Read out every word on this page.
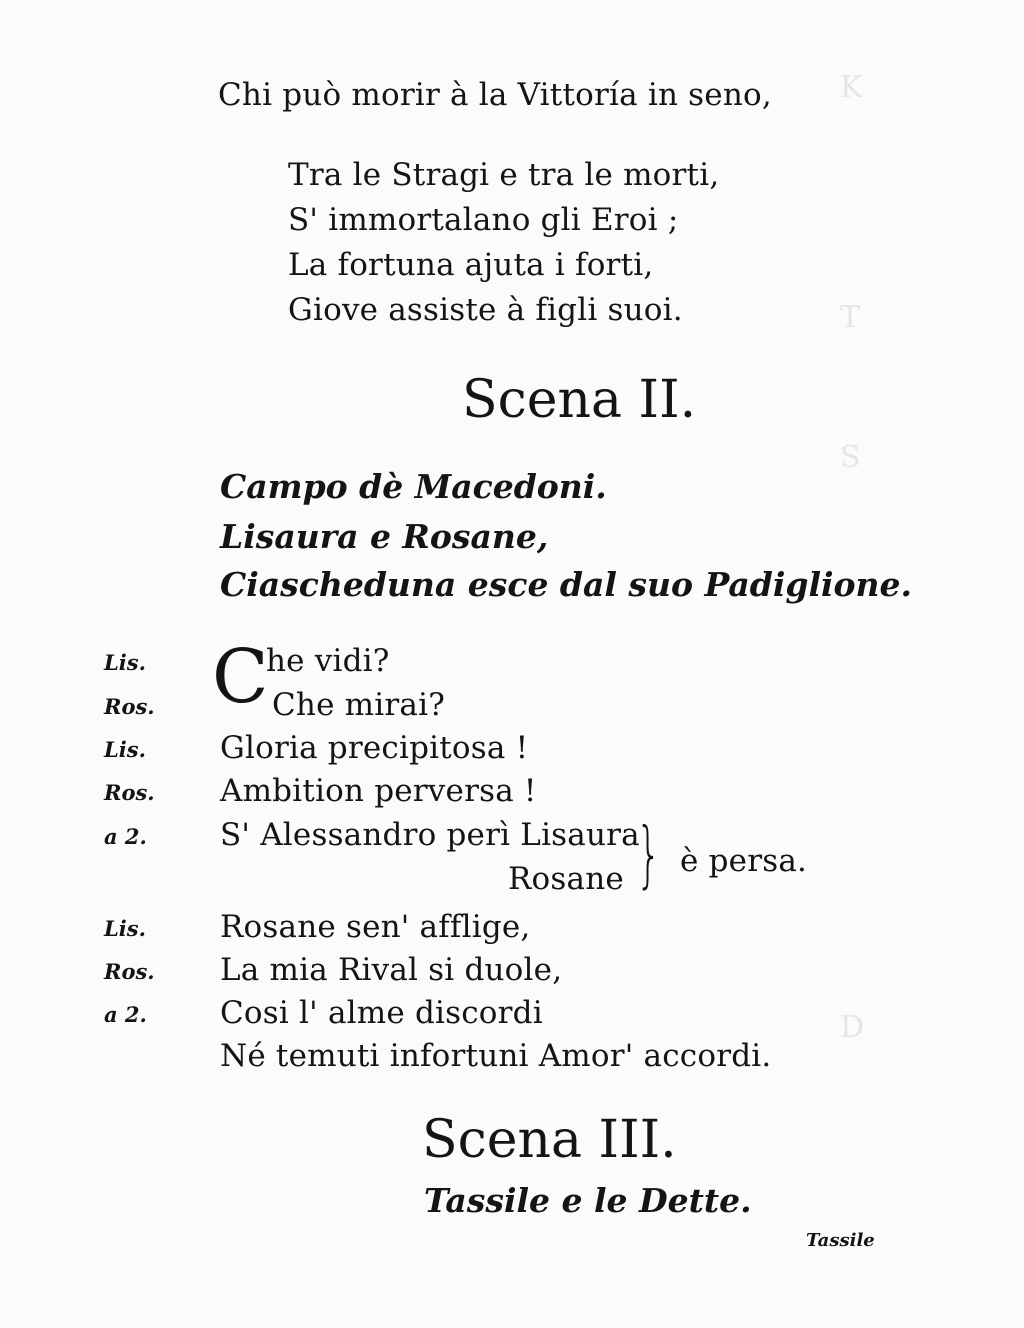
K
T
S
D
Chi può morir à la Vittoría in seno,
Tra le Stragi e tra le morti,
S' immortalano gli Eroi ;
La fortuna ajuta i forti,
Giove assiste à figli suoi.
Scena II.
Campo dè Macedoni.
Lisaura e Rosane,
Ciascheduna esce dal suo Padiglione.
C
Lis.	he vidi?
Ros.	Che mirai?
Lis. Gloria precipitosa !
Ros. Ambition perversa !
a 2. S' Alessandro perì Lisaura
Rosane } è persa.
Lis. Rosane sen' afflige,
Ros. La mia Rival si duole,
a 2. Cosi l' alme discordi
Né temuti infortuni Amor' accordi.
Scena III.
Tassile e le Dette.
Tassile
